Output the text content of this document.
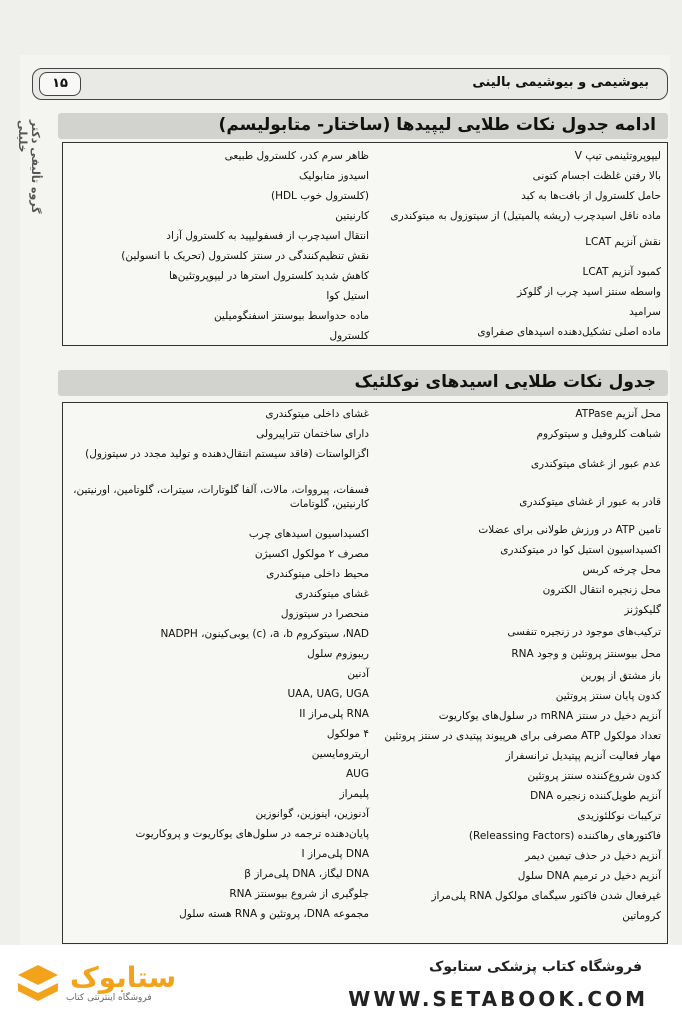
گروه تألیفی دکتر خلیلی
۱۵	بیوشیمی و بیوشیمی بالینی
ادامه جدول نکات طلایی لیپیدها (ساختار- متابولیسم)
لیپوپروتئینمی تیپ V
بالا رفتن غلظت اجسام کتونی
حامل کلسترول از بافت‌ها به کبد
ماده ناقل اسیدچرب (ریشه پالمیتیل) از سیتوزول به میتوکندری
نقش آنزیم LCAT
کمبود آنزیم LCAT
واسطه سنتز اسید چرب از گلوکز
سرامید
ماده اصلی تشکیل‌دهنده اسیدهای صفراوی
ظاهر سرم کدر، کلسترول طبیعی
اسیدوز متابولیک
(کلسترول خوب HDL)
کارنیتین
انتقال اسیدچرب از فسفولیپید به کلسترول آزاد
نقش تنظیم‌کنندگی در سنتز کلسترول (تحریک با انسولین)
کاهش شدید کلسترول استرها در لیپوپروتئین‌ها
استیل کوا
ماده حدواسط بیوسنتز اسفنگومیلین
کلسترول
جدول نکات طلایی اسیدهای نوکلئیک
محل آنزیم ATPase
شباهت کلروفیل و سیتوکروم
عدم عبور از غشای میتوکندری
قادر به عبور از غشای میتوکندری
تامین ATP در ورزش طولانی برای عضلات
اکسیداسیون استیل کوا در میتوکندری
محل چرخه کربس
محل زنجیره انتقال الکترون
گلیکوژنز
ترکیب‌های موجود در زنجیره تنفسی
محل بیوسنتز پروتئین و وجود RNA
باز مشتق از پورین
کدون پایان سنتز پروتئین
آنزیم دخیل در سنتز mRNA در سلول‌های یوکاریوت
تعداد مولکول ATP مصرفی برای هرپیوند پپتیدی در سنتز پروتئین
مهار فعالیت آنزیم پپتیدیل ترانسفراز
کدون شروع‌کننده سنتز پروتئین
آنزیم طویل‌کننده زنجیره DNA
ترکیبات نوکلئوزیدی
فاکتورهای رهاکننده (Releassing Factors)
آنزیم دخیل در حذف تیمین دیمر
آنزیم دخیل در ترمیم DNA سلول
غیرفعال شدن فاکتور سیگمای مولکول RNA پلی‌مراز
کروماتین
غشای داخلی میتوکندری
دارای ساختمان تتراپیرولی
اگزالواستات (فاقد سیستم انتقال‌دهنده و تولید مجدد در سیتوزول)
فسفات، پیرووات، مالات، آلفا گلوتارات، سیترات، گلوتامین، اورنیتین، کارنیتین، گلوتامات
اکسیداسیون اسیدهای چرب
مصرف ۲ مولکول اکسیژن
محیط داخلی میتوکندری
غشای میتوکندری
منحصرا در سیتوزول
NAD، سیتوکروم c) ،a ،b) یوبی‌کینون، NADPH
ریبوزوم سلول
آدنین
UAA, UAG, UGA
RNA پلی‌مراز II
۴ مولکول
اریترومایسین
AUG
پلیمراز
آدنوزین، اینوزین، گوانوزین
پایان‌دهنده ترجمه در سلول‌های یوکاریوت و پروکاریوت
DNA پلی‌مراز I
DNA لیگاز، DNA پلی‌مراز β
جلوگیری از شروع بیوسنتز RNA
مجموعه DNA، پروتئین و RNA هسته سلول
ستابوک
فروشگاه اینترنتی کتاب
فروشگاه کتاب پزشکی ستابوک
WWW.SETABOOK.COM
